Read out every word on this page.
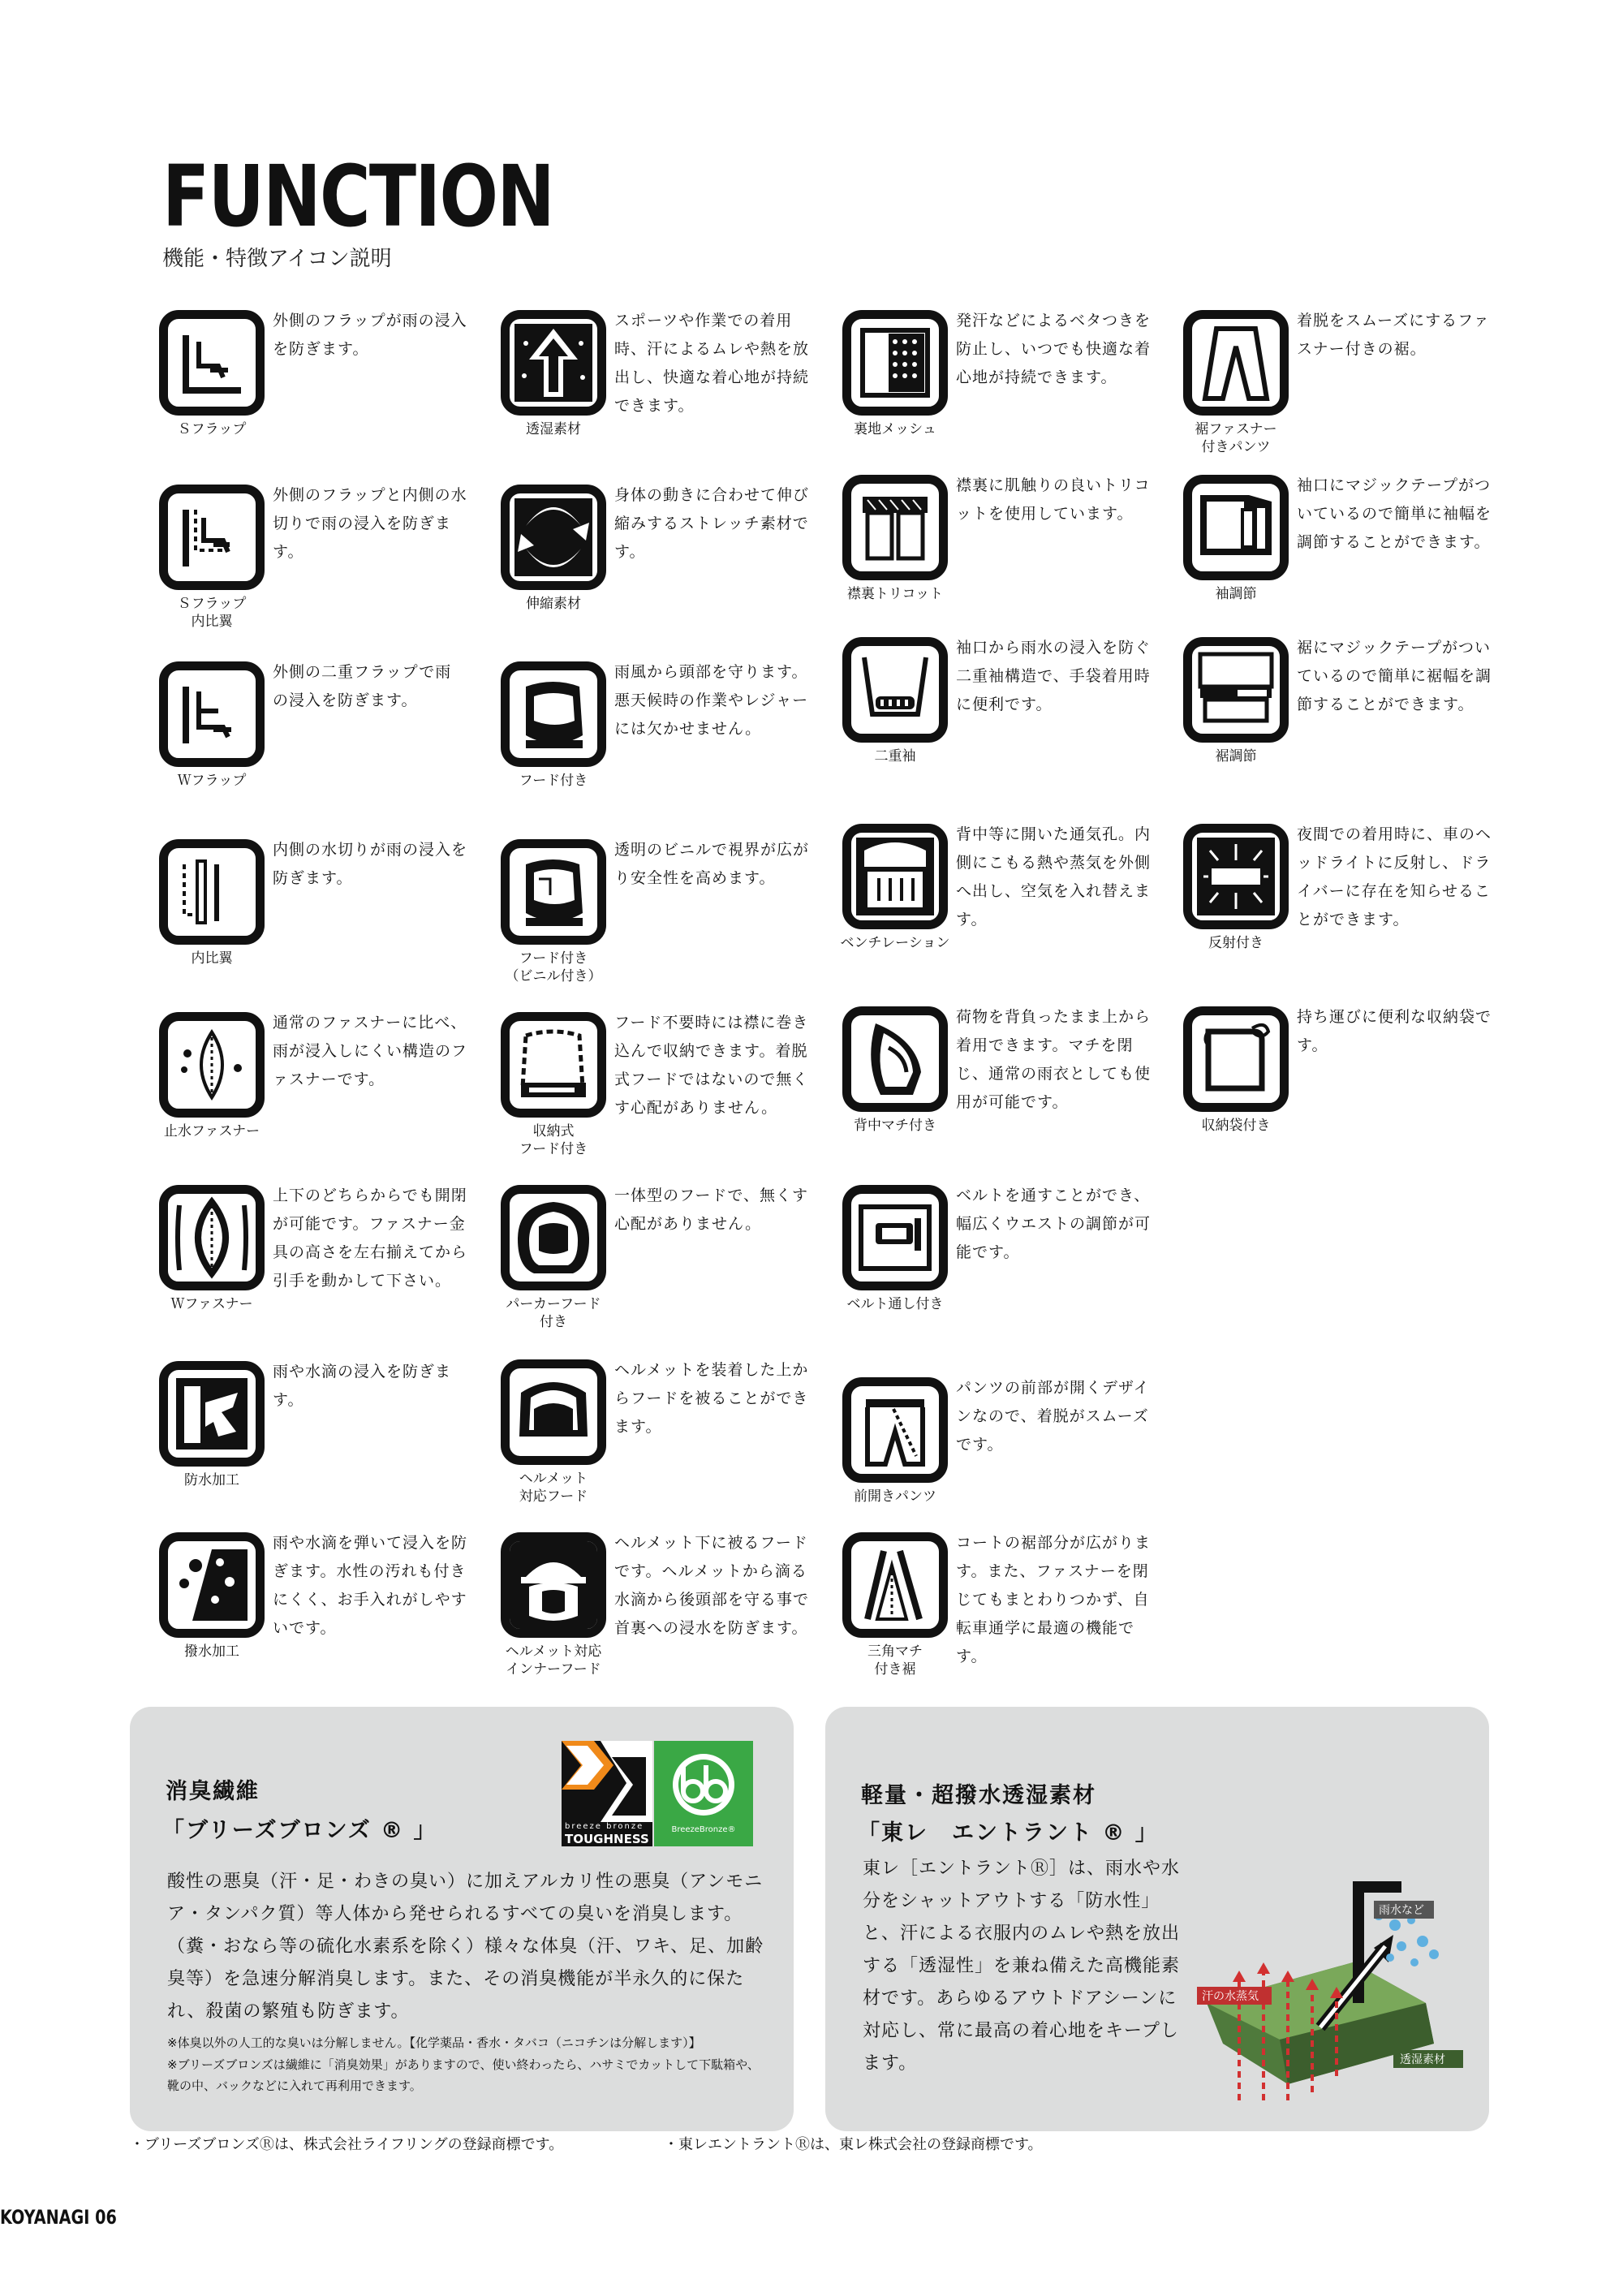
FUNCTION
機能・特徴アイコン説明
Ｓフラップ
外側のフラップが雨の浸入を防ぎます。
Ｓフラップ
内比翼
外側のフラップと内側の水切りで雨の浸入を防ぎます。
Ｗフラップ
外側の二重フラップで雨の浸入を防ぎます。
内比翼
内側の水切りが雨の浸入を防ぎます。
止水ファスナー
通常のファスナーに比べ、雨が浸入しにくい構造のファスナーです。
Ｗファスナー
上下のどちらからでも開閉が可能です。ファスナー金具の高さを左右揃えてから引手を動かして下さい。
防水加工
雨や水滴の浸入を防ぎます。
撥水加工
雨や水滴を弾いて浸入を防ぎます。水性の汚れも付きにくく、お手入れがしやすいです。
透湿素材
スポーツや作業での着用時、汗によるムレや熱を放出し、快適な着心地が持続できます。
伸縮素材
身体の動きに合わせて伸び縮みするストレッチ素材です。
フード付き
雨風から頭部を守ります。悪天候時の作業やレジャーには欠かせません。
フード付き
（ビニル付き）
透明のビニルで視界が広がり安全性を高めます。
収納式
フード付き
フード不要時には襟に巻き込んで収納できます。着脱式フードではないので無くす心配がありません。
パーカーフード
付き
一体型のフードで、無くす心配がありません。
ヘルメット
対応フード
ヘルメットを装着した上からフードを被ることができます。
ヘルメット対応
インナーフード
ヘルメット下に被るフードです。ヘルメットから滴る水滴から後頭部を守る事で首裏への浸水を防ぎます。
裏地メッシュ
発汗などによるベタつきを防止し、いつでも快適な着心地が持続できます。
襟裏トリコット
襟裏に肌触りの良いトリコットを使用しています。
二重袖
袖口から雨水の浸入を防ぐ二重袖構造で、手袋着用時に便利です。
ベンチレーション
背中等に開いた通気孔。内側にこもる熱や蒸気を外側へ出し、空気を入れ替えます。
背中マチ付き
荷物を背負ったまま上から着用できます。マチを閉じ、通常の雨衣としても使用が可能です。
ベルト通し付き
ベルトを通すことができ、幅広くウエストの調節が可能です。
前開きパンツ
パンツの前部が開くデザインなので、着脱がスムーズです。
三角マチ
付き裾
コートの裾部分が広がります。また、ファスナーを閉じてもまとわりつかず、自転車通学に最適の機能です。
裾ファスナー
付きパンツ
着脱をスムーズにするファスナー付きの裾。
袖調節
袖口にマジックテープがついているので簡単に袖幅を調節することができます。
裾調節
裾にマジックテープがついているので簡単に裾幅を調節することができます。
反射付き
夜間での着用時に、車のヘッドライトに反射し、ドライバーに存在を知らせることができます。
収納袋付き
持ち運びに便利な収納袋です。
消臭繊維
「ブリーズブロンズ ® 」	breeze bronze
TOUGHNESS
BreezeBronze®
酸性の悪臭（汗・足・わきの臭い）に加えアルカリ性の悪臭（アンモニア・タンパク質）等人体から発せられるすべての臭いを消臭します。（糞・おなら等の硫化水素系を除く）様々な体臭（汗、ワキ、足、加齢臭等）を急速分解消臭します。また、その消臭機能が半永久的に保たれ、殺菌の繁殖も防ぎます。
※体臭以外の人工的な臭いは分解しません。【化学薬品・香水・タバコ（ニコチンは分解します）】
※ブリーズブロンズは繊維に「消臭効果」がありますので、使い終わったら、ハサミでカットして下駄箱や、靴の中、バックなどに入れて再利用できます。
軽量・超撥水透湿素材
「東レ　エントラント ® 」
東レ［エントラントⓇ］は、雨水や水分をシャットアウトする「防水性」と、汗による衣服内のムレや熱を放出する「透湿性」を兼ね備えた高機能素材です。あらゆるアウトドアシーンに対応し、常に最高の着心地をキープします。
雨水など
汗の水蒸気
透湿素材
・ブリーズブロンズⓇは、株式会社ライフリングの登録商標です。	・東レエントラントⓇは、東レ株式会社の登録商標です。
KOYANAGI 06
